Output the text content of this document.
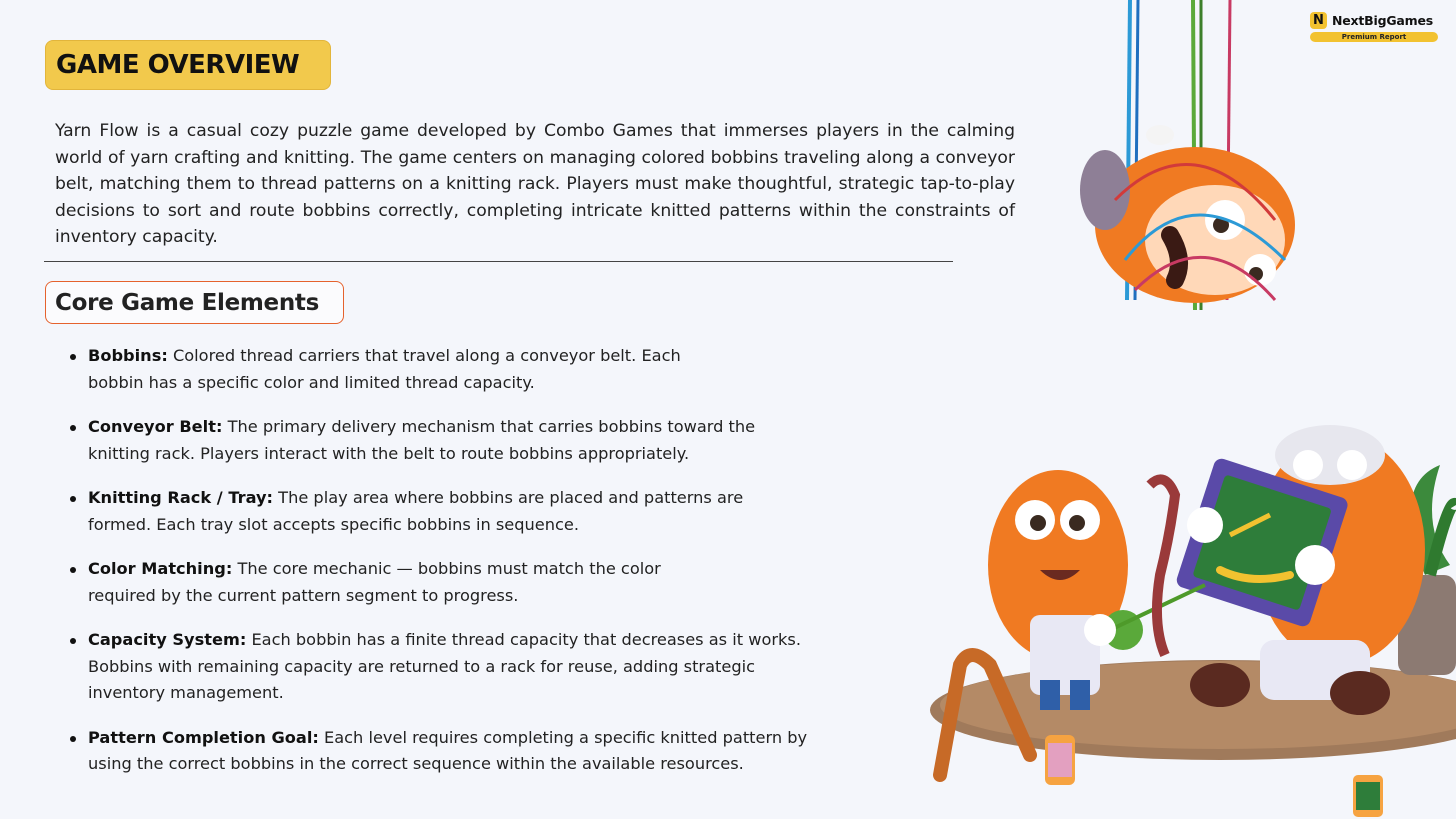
GAME OVERVIEW

Yarn Flow is a casual cozy puzzle game developed by Combo Games that immerses players in the calming world of yarn crafting and knitting. The game centers on managing colored bobbins traveling along a conveyor belt, matching them to thread patterns on a knitting rack. Players must make thoughtful, strategic tap-to-play decisions to sort and route bobbins correctly, completing intricate knitted patterns within the constraints of inventory capacity.

Core Game Elements
Bobbins: Colored thread carriers that travel along a conveyor belt. Each bobbin has a specific color and limited thread capacity.
Conveyor Belt: The primary delivery mechanism that carries bobbins toward the knitting rack. Players interact with the belt to route bobbins appropriately.
Knitting Rack / Tray: The play area where bobbins are placed and patterns are formed. Each tray slot accepts specific bobbins in sequence.
Color Matching: The core mechanic — bobbins must match the color required by the current pattern segment to progress.
Capacity System: Each bobbin has a finite thread capacity that decreases as it works. Bobbins with remaining capacity are returned to a rack for reuse, adding strategic inventory management.
Pattern Completion Goal: Each level requires completing a specific knitted pattern by using the correct bobbins in the correct sequence within the available resources.
N NextBigGames
Premium Report
